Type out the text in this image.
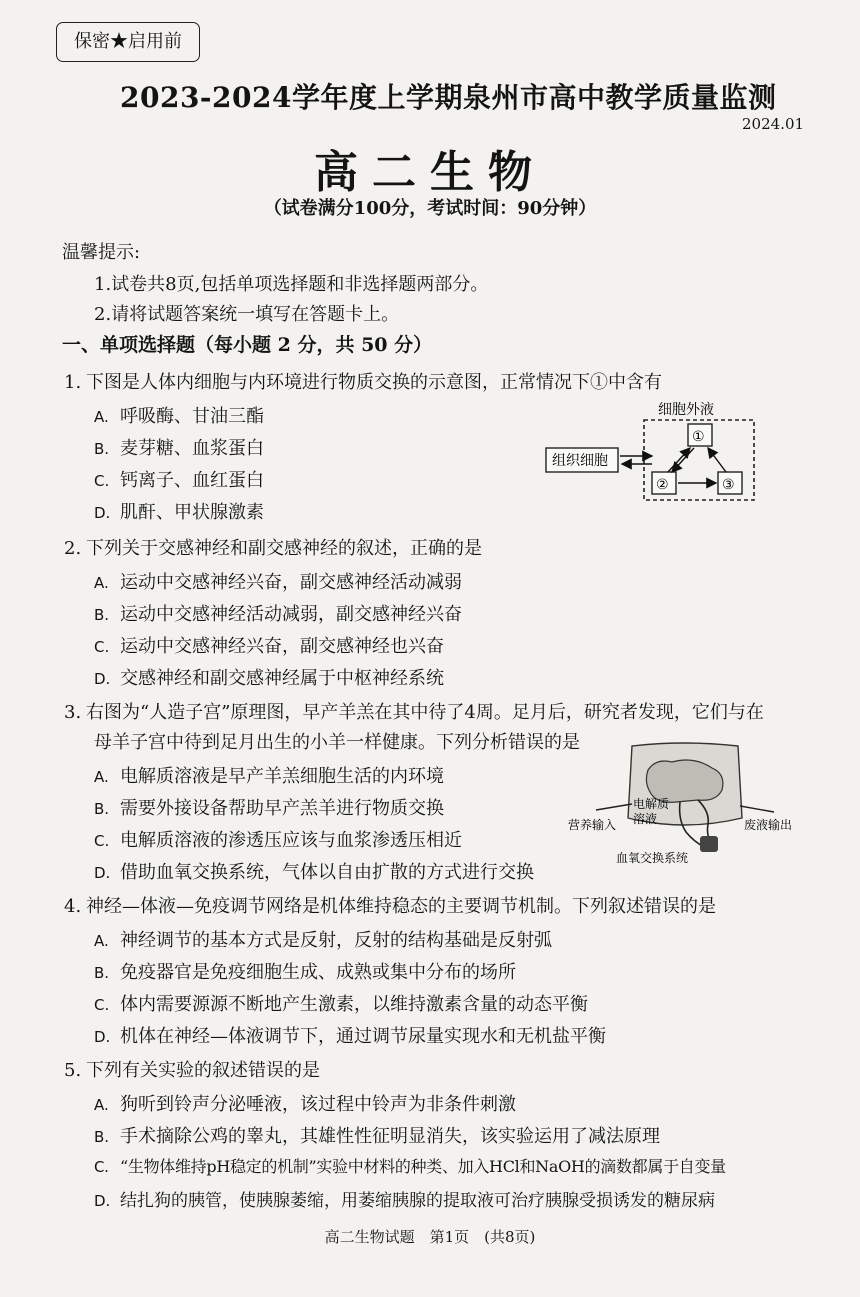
保密★启用前
2023-2024学年度上学期泉州市高中教学质量监测
2024.01
高二生物
（试卷满分100分，考试时间：90分钟）
温馨提示:
1.试卷共8页,包括单项选择题和非选择题两部分。
2.请将试题答案统一填写在答题卡上。
一、单项选择题（每小题 2 分，共 50 分）
1. 下图是人体内细胞与内环境进行物质交换的示意图，正常情况下①中含有
A. 呼吸酶、甘油三酯
B. 麦芽糖、血浆蛋白
C. 钙离子、血红蛋白
D. 肌酐、甲状腺激素
细胞外液
组织细胞
①
②	③
2. 下列关于交感神经和副交感神经的叙述，正确的是
A. 运动中交感神经兴奋，副交感神经活动减弱
B. 运动中交感神经活动减弱，副交感神经兴奋
C. 运动中交感神经兴奋，副交感神经也兴奋
D. 交感神经和副交感神经属于中枢神经系统
3. 右图为“人造子宫”原理图，早产羊羔在其中待了4周。足月后，研究者发现，它们与在
母羊子宫中待到足月出生的小羊一样健康。下列分析错误的是
A. 电解质溶液是早产羊羔细胞生活的内环境
B. 需要外接设备帮助早产羔羊进行物质交换
C. 电解质溶液的渗透压应该与血浆渗透压相近
D. 借助血氧交换系统，气体以自由扩散的方式进行交换
电解质
溶液
营养输入	废液输出
血氧交换系统
4. 神经—体液—免疫调节网络是机体维持稳态的主要调节机制。下列叙述错误的是
A. 神经调节的基本方式是反射，反射的结构基础是反射弧
B. 免疫器官是免疫细胞生成、成熟或集中分布的场所
C. 体内需要源源不断地产生激素，以维持激素含量的动态平衡
D. 机体在神经—体液调节下，通过调节尿量实现水和无机盐平衡
5. 下列有关实验的叙述错误的是
A. 狗听到铃声分泌唾液，该过程中铃声为非条件刺激
B. 手术摘除公鸡的睾丸，其雄性性征明显消失，该实验运用了减法原理
C. “生物体维持pH稳定的机制”实验中材料的种类、加入HCl和NaOH的滴数都属于自变量
D. 结扎狗的胰管，使胰腺萎缩，用萎缩胰腺的提取液可治疗胰腺受损诱发的糖尿病
高二生物试题　第1页　(共8页)
